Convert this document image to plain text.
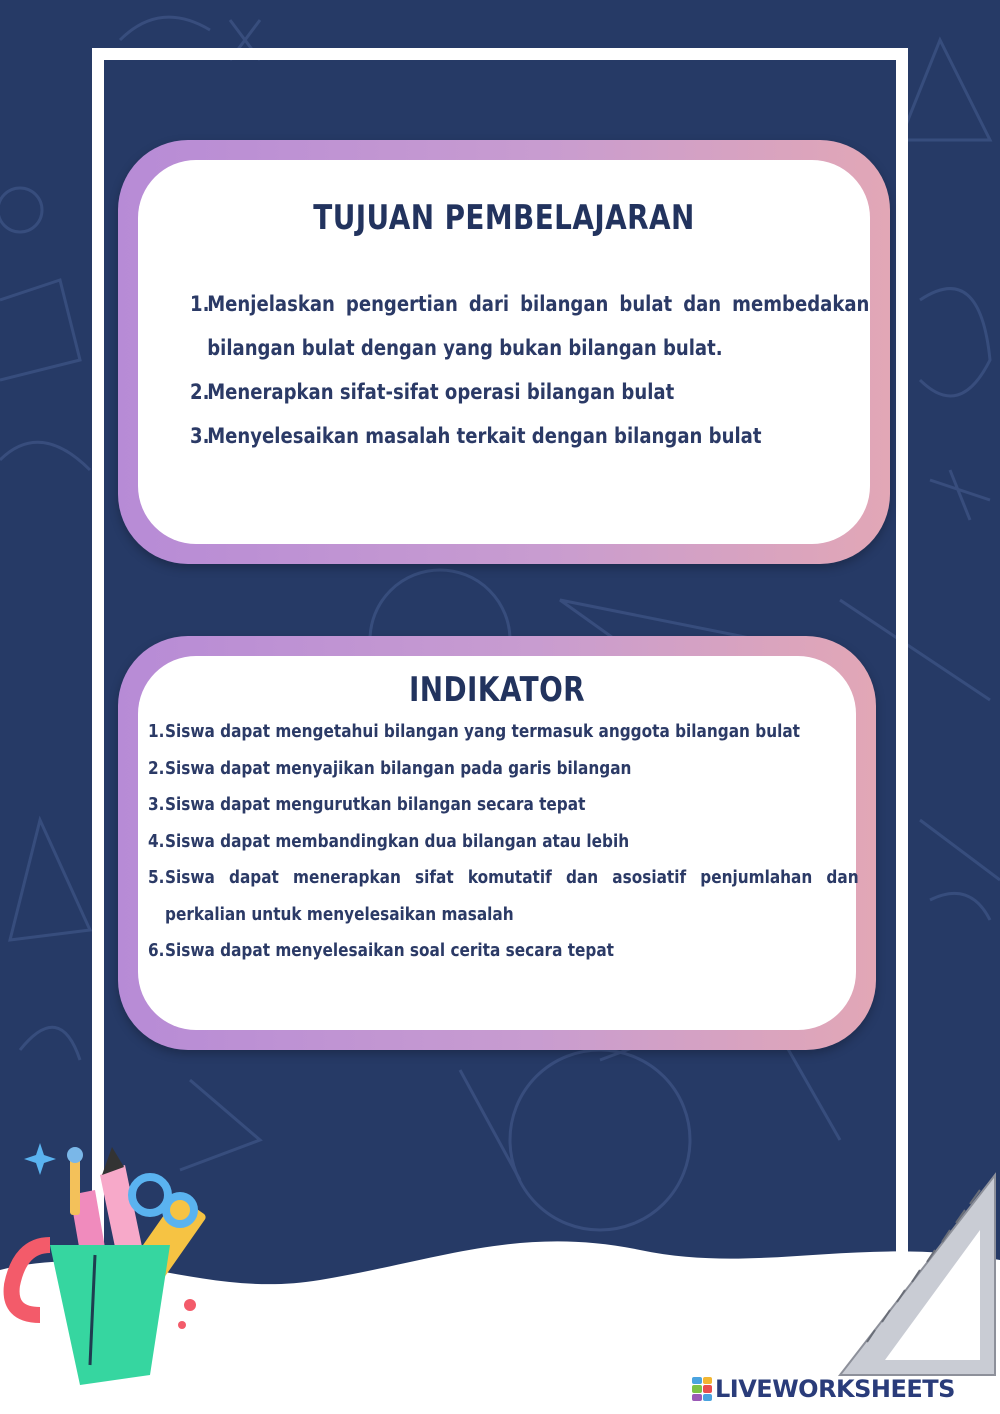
TUJUAN PEMBELAJARAN
1.
Menjelaskan pengertian dari bilangan bulat dan membedakan bilangan bulat dengan yang bukan bilangan bulat.
2.
Menerapkan sifat-sifat operasi bilangan bulat
3.
Menyelesaikan masalah terkait dengan bilangan bulat
INDIKATOR
1. Siswa dapat mengetahui bilangan yang termasuk anggota bilangan bulat
2. Siswa dapat menyajikan bilangan pada garis bilangan
3. Siswa dapat mengurutkan bilangan secara tepat
4. Siswa dapat membandingkan dua bilangan atau lebih
5. Siswa dapat menerapkan sifat komutatif dan asosiatif penjumlahan dan perkalian untuk menyelesaikan masalah
6. Siswa dapat menyelesaikan soal cerita secara tepat
LIVEWORKSHEETS
